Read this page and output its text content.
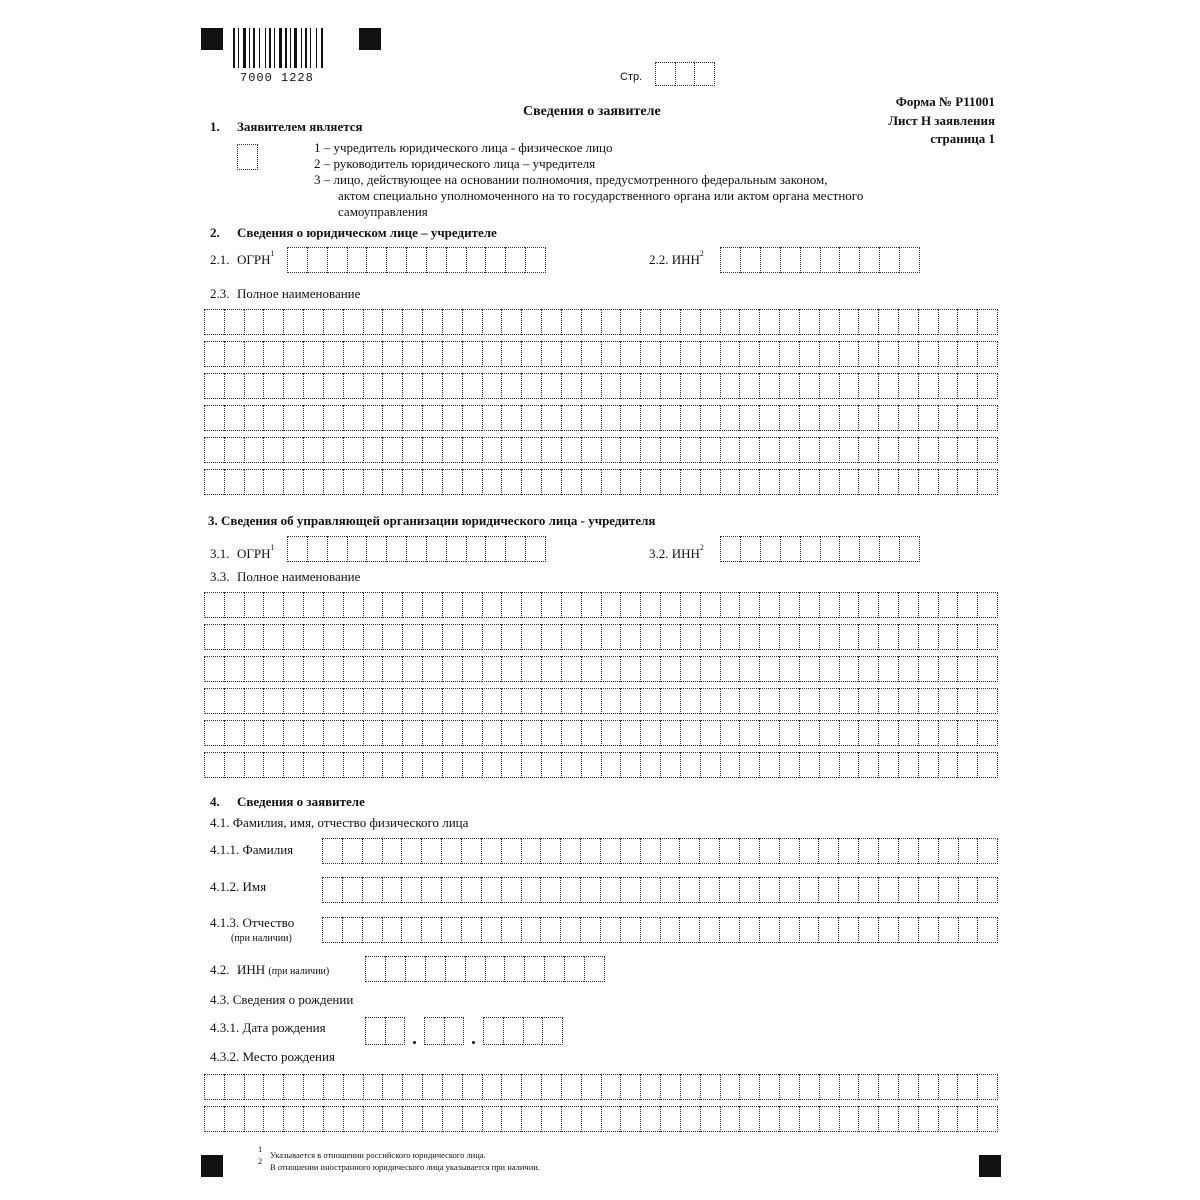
7000 1228	Стр.
Сведения о заявителе
Форма № Р11001
Лист Н заявления
страница 1
1. Заявителем является
1 – учредитель юридического лица - физическое лицо
2 – руководитель юридического лица – учредителя
3 – лицо, действующее на основании полномочия, предусмотренного федеральным законом,
актом специально уполномоченного на то государственного органа или актом органа местного
самоуправления
2. Сведения о юридическом лице – учредителе
2.1. ОГРН$^1$	2.2. ИНН$^2$
2.3. Полное наименование
3. Сведения об управляющей организации юридического лица - учредителя
3.1. ОГРН$^1$	3.2. ИНН$^2$
3.3. Полное наименование
4. Сведения о заявителе
4.1. Фамилия, имя, отчество физического лица
4.1.1. Фамилия
4.1.2. Имя
4.1.3. Отчество
(при наличии)
4.2. ИНН (при наличии)
4.3. Сведения о рождении
4.3.1. Дата рождения
4.3.2. Место рождения
1
Указывается в отношении российского юридического лица.
2
В отношении иностранного юридического лица указывается при наличии.
